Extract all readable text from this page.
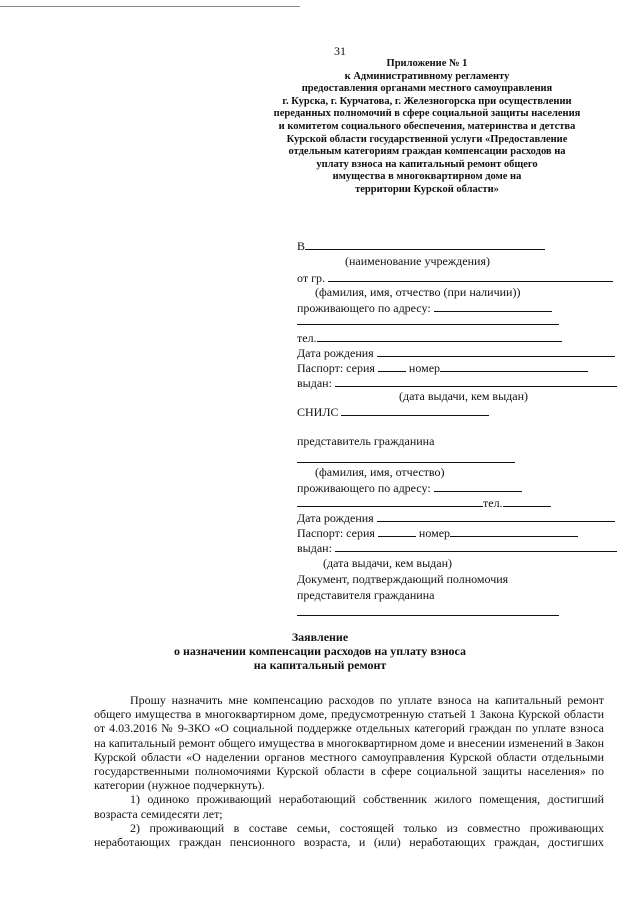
31
Приложение № 1
к Административному регламенту
предоставления органами местного самоуправления
г. Курска, г. Курчатова, г. Железногорска при осуществлении
переданных полномочий в сфере социальной защиты населения
и комитетом социального обеспечения, материнства и детства
Курской области государственной услуги «Предоставление
отдельным категориям граждан компенсации расходов на
уплату взноса на капитальный ремонт общего
имущества в многоквартирном доме на
территории Курской области»
В
(наименование учреждения)
от гр.
(фамилия, имя, отчество (при наличии))
проживающего по адресу:
тел.
Дата рождения
Паспорт: серия	номер
выдан:
(дата выдачи, кем выдан)
СНИЛС
представитель гражданина
(фамилия, имя, отчество)
проживающего по адресу:
тел.
Дата рождения
Паспорт: серия	номер
выдан:
(дата выдачи, кем выдан)
Документ, подтверждающий полномочия
представителя гражданина
Заявление
о назначении компенсации расходов на уплату взноса
на капитальный ремонт

Прошу назначить мне компенсацию расходов по уплате взноса на капитальный ремонт общего имущества в многоквартирном доме, предусмотренную статьей 1 Закона Курской области от 4.03.2016 № 9-ЗКО «О социальной поддержке отдельных категорий граждан по уплате взноса на капитальный ремонт общего имущества в многоквартирном доме и внесении изменений в Закон Курской области «О наделении органов местного самоуправления Курской области отдельными государственными полномочиями Курской области в сфере социальной защиты населения» по категории (нужное подчеркнуть).

1) одиноко проживающий неработающий собственник жилого помещения, достигший возраста семидесяти лет;

2) проживающий в составе семьи, состоящей только из совместно проживающих неработающих граждан пенсионного возраста, и (или) неработающих граждан, достигших
